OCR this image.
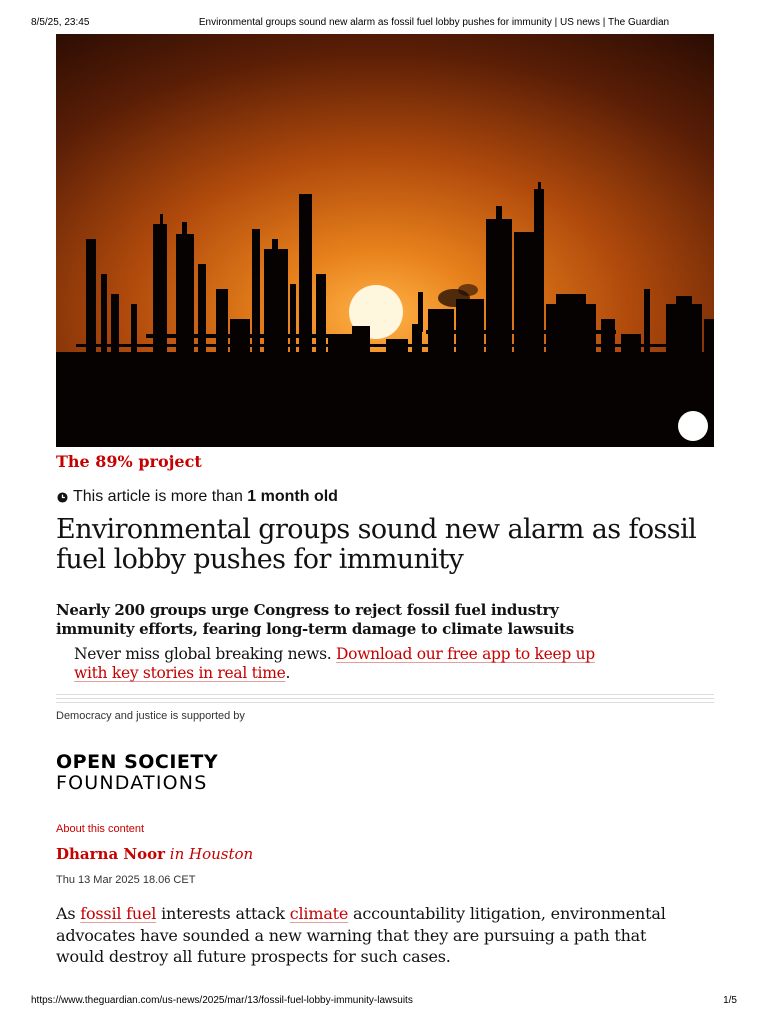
8/5/25, 23:45	Environmental groups sound new alarm as fossil fuel lobby pushes for immunity | US news | The Guardian
The 89% project
This article is more than
1 month old
Environmental groups sound new alarm as fossil fuel lobby pushes for immunity

Nearly 200 groups urge Congress to reject fossil fuel industry immunity efforts, fearing long-term damage to climate lawsuits

Never miss global breaking news. Download our free app to keep up with key stories in real time.

Democracy and justice is supported by
OPEN SOCIETY
FOUNDATIONS
About this content
Dharna Noor in Houston
Thu 13 Mar 2025 18.06 CET

As fossil fuel interests attack climate accountability litigation, environmental advocates have sounded a new warning that they are pursuing a path that would destroy all future prospects for such cases.

https://www.theguardian.com/us-news/2025/mar/13/fossil-fuel-lobby-immunity-lawsuits	1/5
